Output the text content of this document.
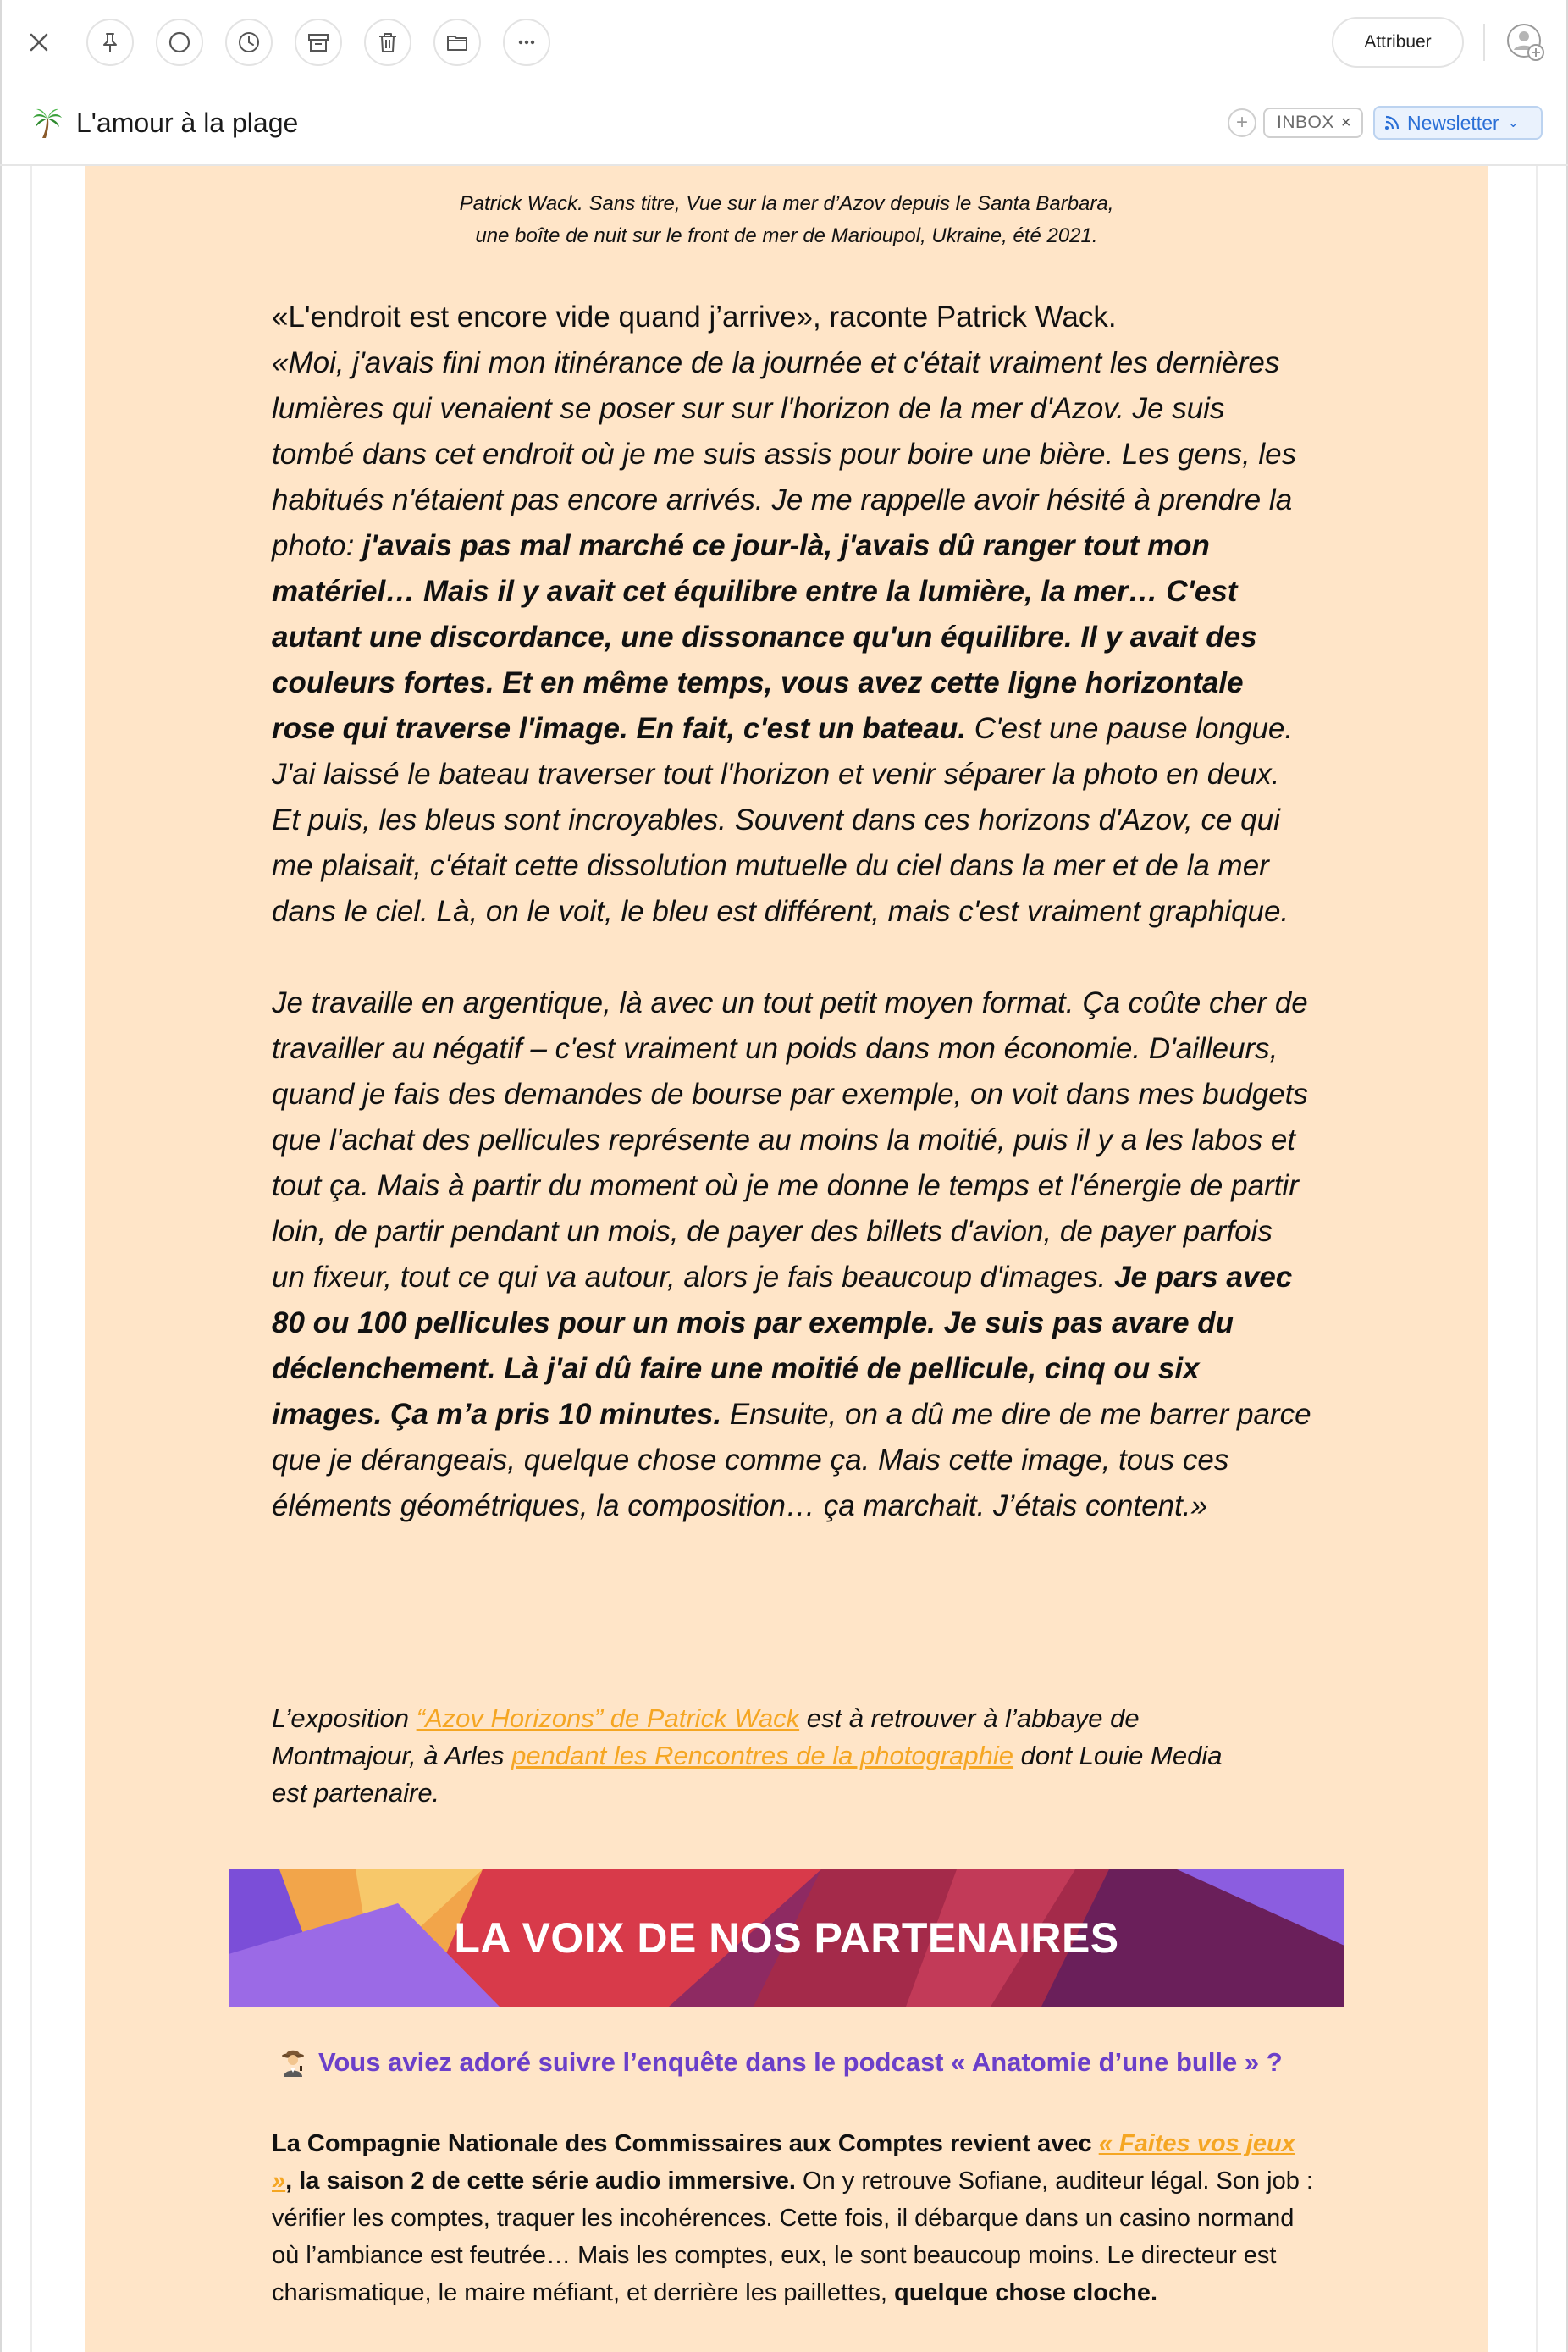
Attribuer
L'amour à la plage	+	INBOX ×	Newsletter ⌄
Patrick Wack. Sans titre, Vue sur la mer d’Azov depuis le Santa Barbara,
une boîte de nuit sur le front de mer de Marioupol, Ukraine, été 2021.

«L'endroit est encore vide quand j’arrive», raconte Patrick Wack.
«Moi, j'avais fini mon itinérance de la journée et c'était vraiment les dernières lumières qui venaient se poser sur sur l'horizon de la mer d'Azov. Je suis tombé dans cet endroit où je me suis assis pour boire une bière. Les gens, les habitués n'étaient pas encore arrivés. Je me rappelle avoir hésité à prendre la photo: j'avais pas mal marché ce jour-là, j'avais dû ranger tout mon matériel… Mais il y avait cet équilibre entre la lumière, la mer… C'est autant une discordance, une dissonance qu'un équilibre. Il y avait des couleurs fortes. Et en même temps, vous avez cette ligne horizontale rose qui traverse l'image. En fait, c'est un bateau. C'est une pause longue. J'ai laissé le bateau traverser tout l'horizon et venir séparer la photo en deux. Et puis, les bleus sont incroyables. Souvent dans ces horizons d'Azov, ce qui me plaisait, c'était cette dissolution mutuelle du ciel dans la mer et de la mer dans le ciel. Là, on le voit, le bleu est différent, mais c'est vraiment graphique.

Je travaille en argentique, là avec un tout petit moyen format. Ça coûte cher de travailler au négatif – c'est vraiment un poids dans mon économie. D'ailleurs, quand je fais des demandes de bourse par exemple, on voit dans mes budgets que l'achat des pellicules représente au moins la moitié, puis il y a les labos et tout ça. Mais à partir du moment où je me donne le temps et l'énergie de partir loin, de partir pendant un mois, de payer des billets d'avion, de payer parfois un fixeur, tout ce qui va autour, alors je fais beaucoup d'images. Je pars avec 80 ou 100 pellicules pour un mois par exemple. Je suis pas avare du déclenchement. Là j'ai dû faire une moitié de pellicule, cinq ou six images. Ça m’a pris 10 minutes. Ensuite, on a dû me dire de me barrer parce que je dérangeais, quelque chose comme ça. Mais cette image, tous ces éléments géométriques, la composition… ça marchait. J’étais content.»

L’exposition “Azov Horizons” de Patrick Wack est à retrouver à l’abbaye de Montmajour, à Arles pendant les Rencontres de la photographie dont Louie Media est partenaire.
LA VOIX DE NOS PARTENAIRES
Vous aviez adoré suivre l’enquête dans le podcast « Anatomie d’une bulle » ?
La Compagnie Nationale des Commissaires aux Comptes revient avec « Faites vos jeux », la saison 2 de cette série audio immersive. On y retrouve Sofiane, auditeur légal. Son job : vérifier les comptes, traquer les incohérences. Cette fois, il débarque dans un casino normand où l’ambiance est feutrée… Mais les comptes, eux, le sont beaucoup moins. Le directeur est charismatique, le maire méfiant, et derrière les paillettes, quelque chose cloche.
